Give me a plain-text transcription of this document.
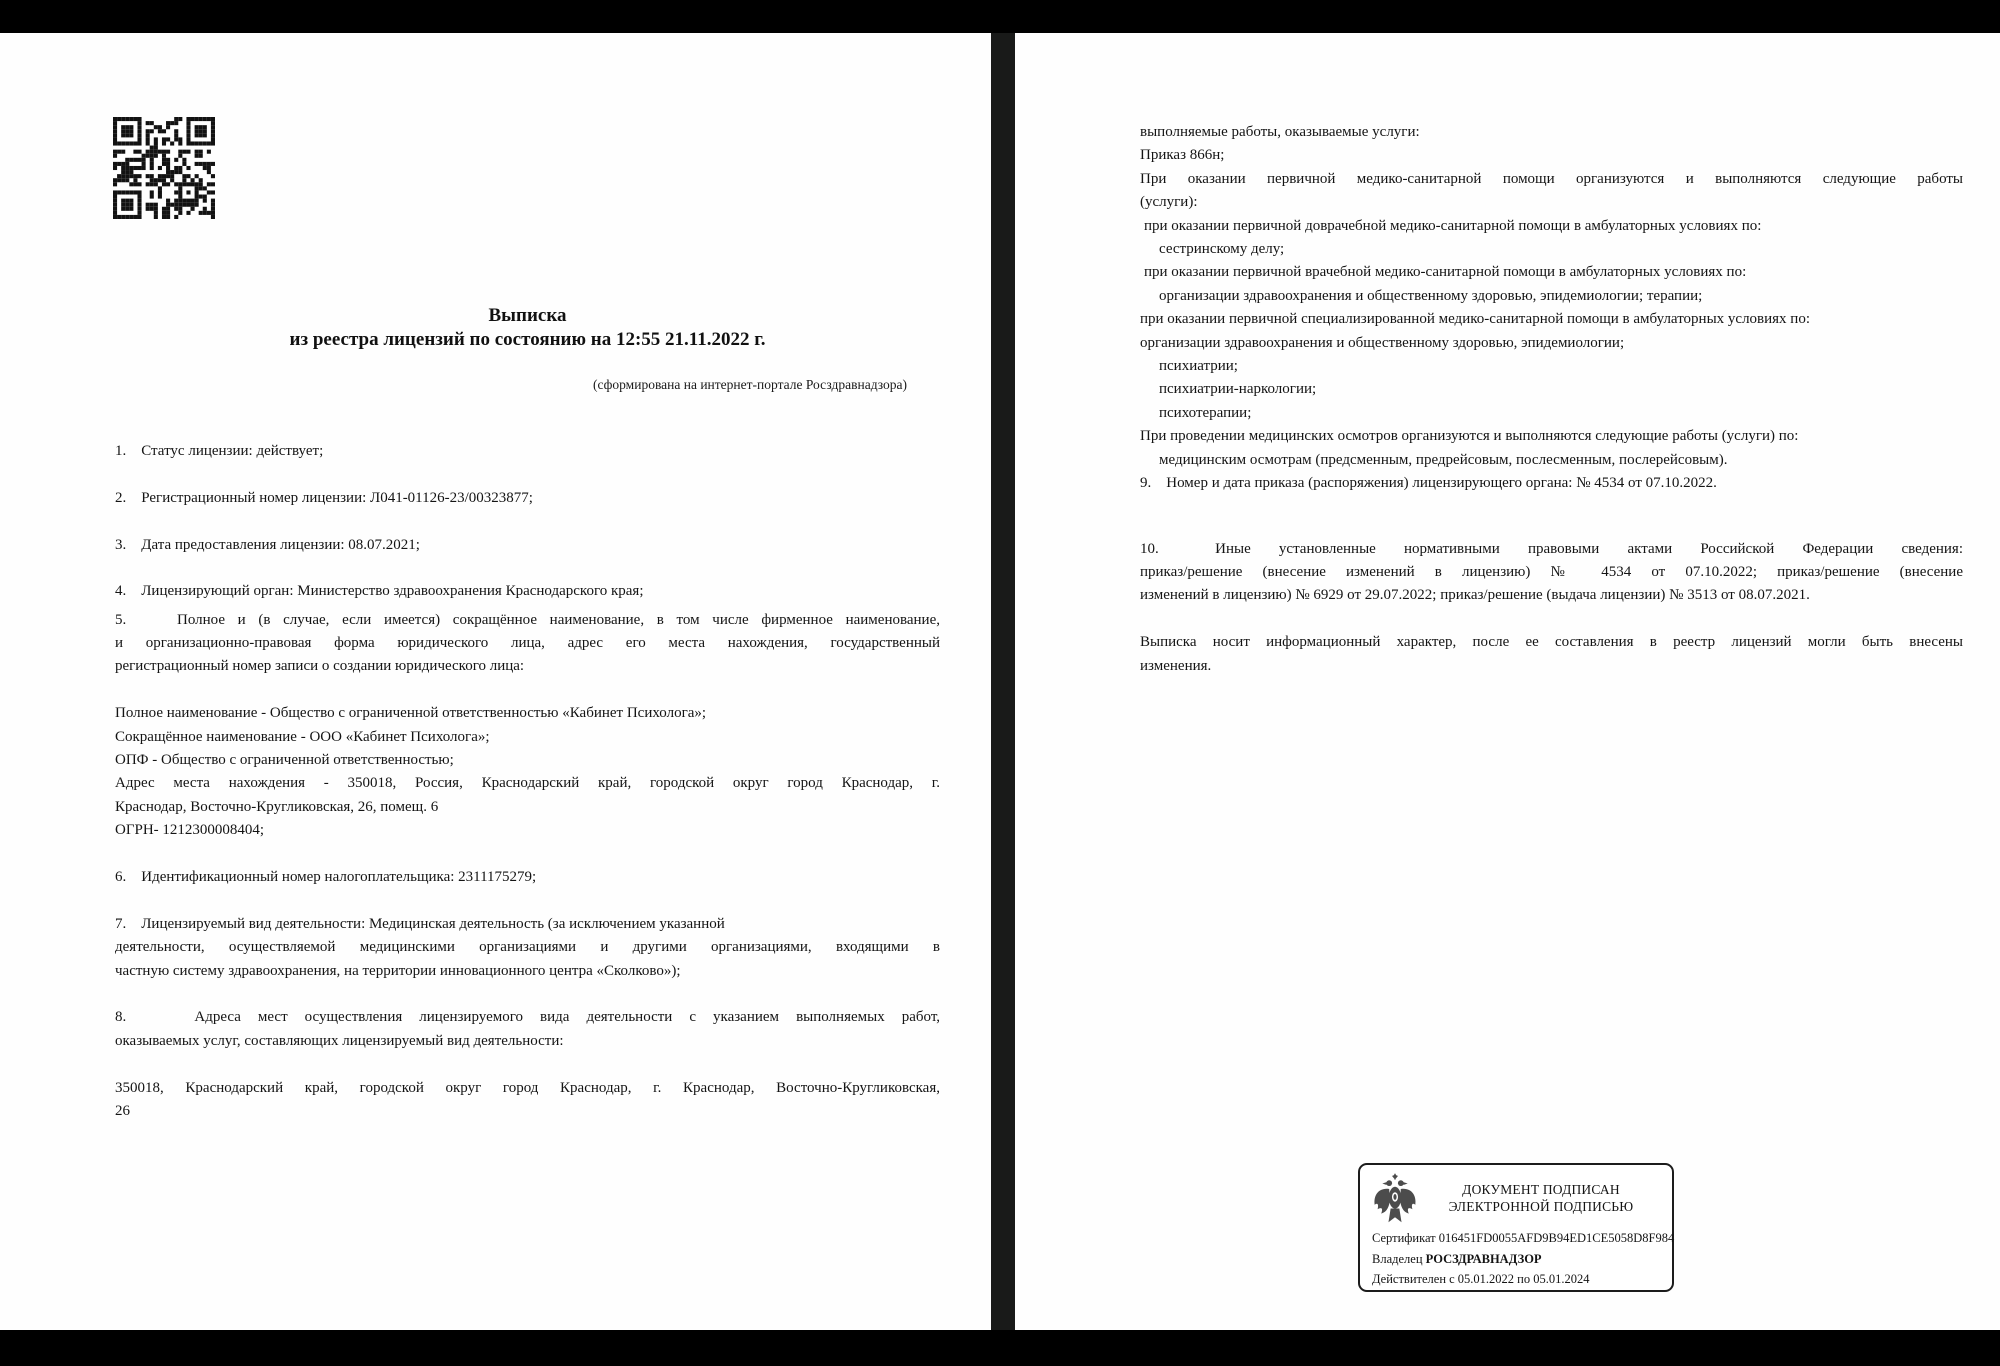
Выписка
из реестра лицензий по состоянию на 12:55 21.11.2022 г.
(сформирована на интернет-портале Росздравнадзора)
1.    Статус лицензии: действует;
2.    Регистрационный номер лицензии: Л041-01126-23/00323877;
3.    Дата предоставления лицензии: 08.07.2021;
4.    Лицензирующий орган: Министерство здравоохранения Краснодарского края;
5.    Полное и (в случае, если имеется) сокращённое наименование, в том числе фирменное наименование,
и организационно-правовая форма юридического лица, адрес его места нахождения, государственный
регистрационный номер записи о создании юридического лица:
Полное наименование - Общество с ограниченной ответственностью «Кабинет Психолога»;
Сокращённое наименование - ООО «Кабинет Психолога»;
ОПФ - Общество с ограниченной ответственностью;
Адрес места нахождения - 350018, Россия, Краснодарский край, городской округ город Краснодар, г.
Краснодар, Восточно-Кругликовская, 26, помещ. 6
ОГРН- 1212300008404;
6.    Идентификационный номер налогоплательщика: 2311175279;
7.    Лицензируемый вид деятельности: Медицинская деятельность (за исключением указанной
деятельности, осуществляемой медицинскими организациями и другими организациями, входящими в
частную систему здравоохранения, на территории инновационного центра «Сколково»);
8.    Адреса мест осуществления лицензируемого вида деятельности с указанием выполняемых работ,
оказываемых услуг, составляющих лицензируемый вид деятельности:
350018, Краснодарский край, городской округ город Краснодар, г. Краснодар, Восточно-Кругликовская,
26
выполняемые работы, оказываемые услуги:
Приказ 866н;
При оказании первичной медико-санитарной помощи организуются и выполняются следующие работы
(услуги):
при оказании первичной доврачебной медико-санитарной помощи в амбулаторных условиях по:
сестринскому делу;
при оказании первичной врачебной медико-санитарной помощи в амбулаторных условиях по:
организации здравоохранения и общественному здоровью, эпидемиологии; терапии;
при оказании первичной специализированной медико-санитарной помощи в амбулаторных условиях по:
организации здравоохранения и общественному здоровью, эпидемиологии;
психиатрии;
психиатрии-наркологии;
психотерапии;
При проведении медицинских осмотров организуются и выполняются следующие работы (услуги) по:
медицинским осмотрам (предсменным, предрейсовым, послесменным, послерейсовым).
9.    Номер и дата приказа (распоряжения) лицензирующего органа: № 4534 от 07.10.2022.
10.  Иные установленные нормативными правовыми актами Российской Федерации сведения:
приказ/решение (внесение изменений в лицензию) № 4534 от 07.10.2022; приказ/решение (внесение
изменений в лицензию) № 6929 от 29.07.2022; приказ/решение (выдача лицензии) № 3513 от 08.07.2021.
Выписка носит информационный характер, после ее составления в реестр лицензий могли быть внесены
изменения.
ДОКУМЕНТ ПОДПИСАН
ЭЛЕКТРОННОЙ ПОДПИСЬЮ
Сертификат 016451FD0055AFD9B94ED1CE5058D8F984
Владелец РОСЗДРАВНАДЗОР
Действителен с 05.01.2022 по 05.01.2024
